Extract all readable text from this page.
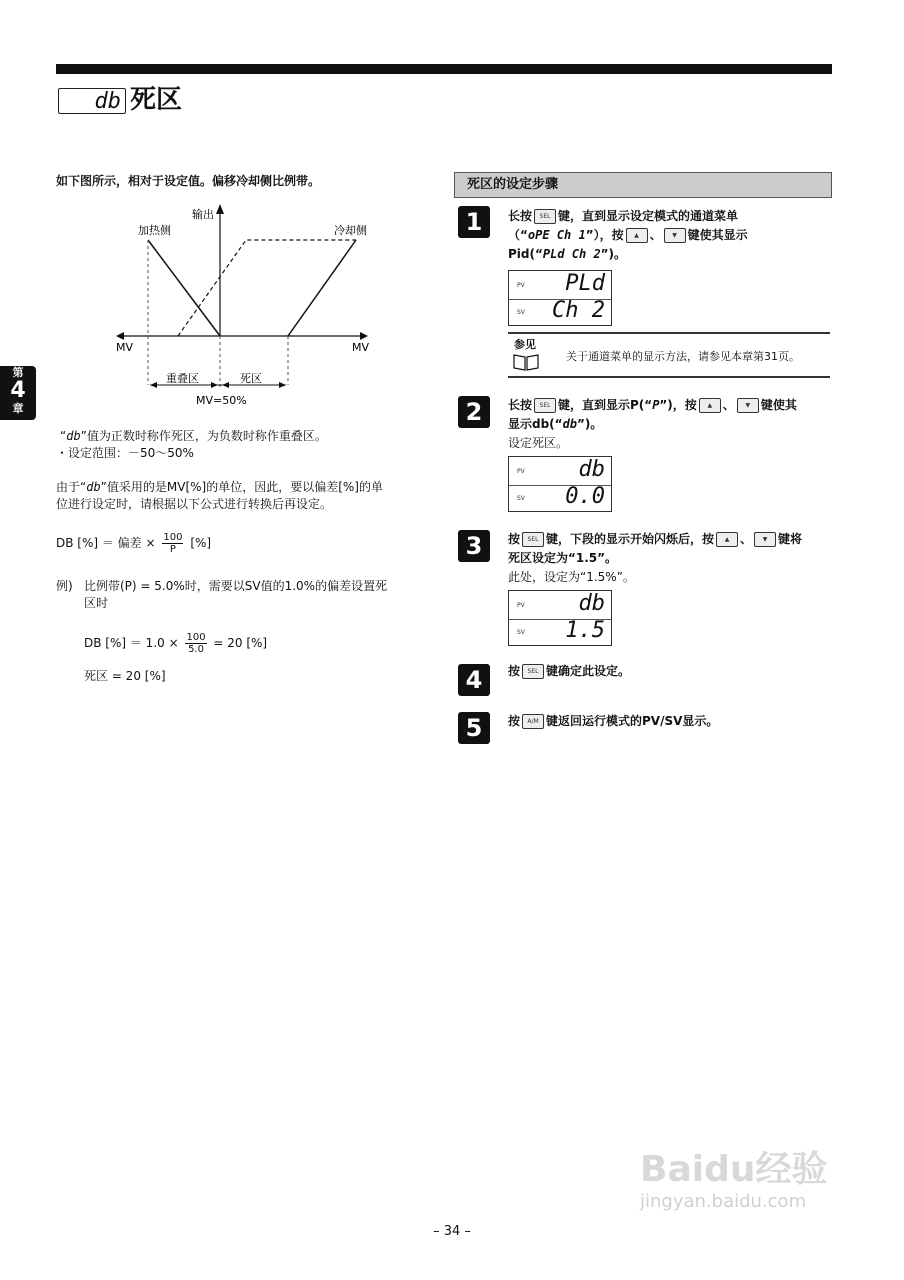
db 死区
第
4
章
如下图所示，相对于设定值。偏移冷却侧比例带。
输出
加热侧	冷却侧
MV	MV
重叠区	死区
MV=50%
“db”值为正数时称作死区，为负数时称作重叠区。
・设定范围：－50～50%
由于“db”值采用的是MV[%]的单位，因此，要以偏差[%]的单
位进行设定时，请根据以下公式进行转换后再设定。
DB [%] ＝ 偏差 × $\frac{100}{P}$ [%]
例) 比例带(P) = 5.0%时，需要以SV值的1.0%的偏差设置死
区时
DB [%] ＝ $1.0 \times \frac{100}{5.0} = 20$ [%]
死区 = 20 [%]
死区的设定步骤
1	长按 SEL 键，直到显示设定模式的通道菜单
（“oPE Ch 1”），按 ▲ 、 ▼ 键使其显示
Pid(“PLd Ch 2”)。
PV PLd
SV Ch 2
参见
关于通道菜单的显示方法，请参见本章第31页。
2	长按 SEL 键，直到显示P(“P”)，按 ▲ 、 ▼ 键使其
显示db(“db”)。
设定死区。
PV db
SV 0.0
3	按 SEL 键，下段的显示开始闪烁后，按 ▲ 、 ▼ 键将
死区设定为“1.5”。
此处，设定为“1.5%”。
PV db
SV 1.5
4	按 SEL 键确定此设定。
5	按 A/M 键返回运行模式的PV/SV显示。
Baidu经验
jingyan.baidu.com
– 34 –
